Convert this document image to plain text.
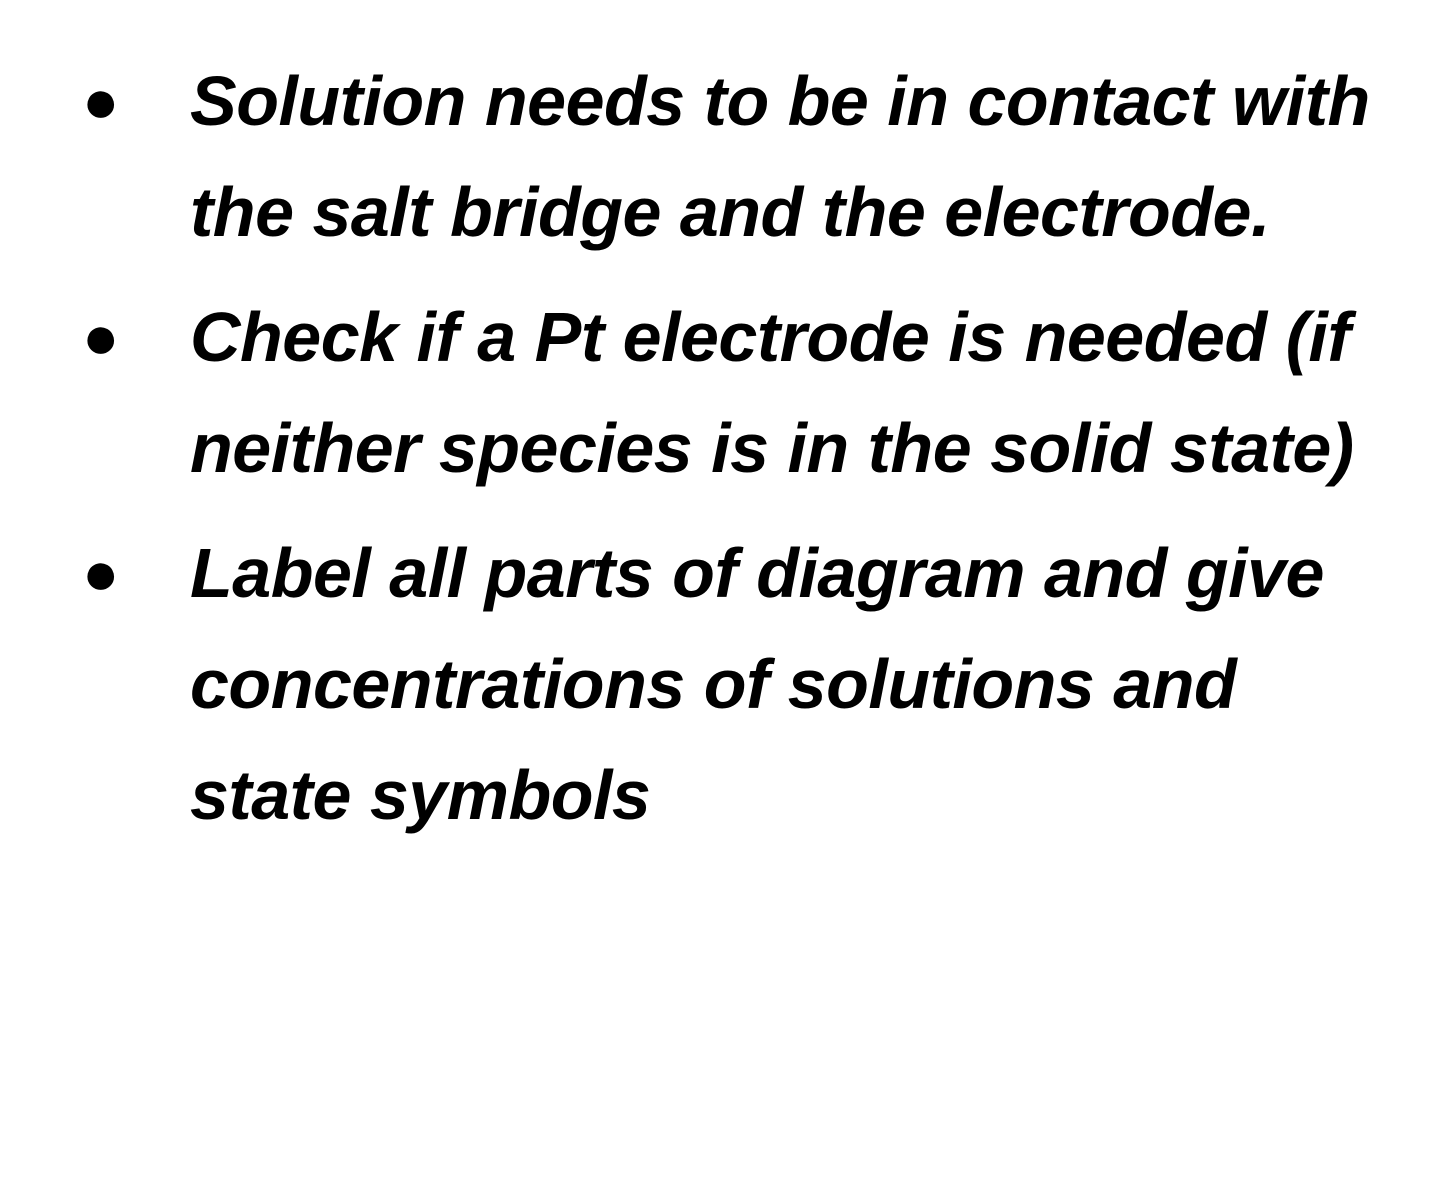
●	Solution needs to be in contact with the salt bridge and the electrode.
●	Check if a Pt electrode is needed (if neither species is in the solid state)
●	Label all parts of diagram and give concentrations of solutions and state symbols
